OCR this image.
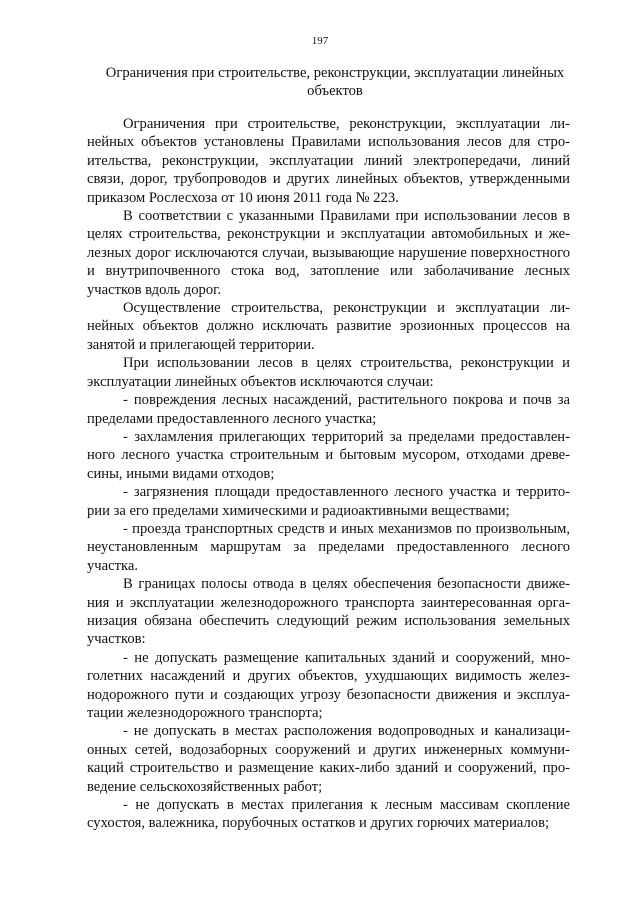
197
Ограничения при строительстве, реконструкции, эксплуатации линейных объектов

Ограничения при строительстве, реконструкции, эксплуатации линейных объектов установлены Правилами использования лесов для строительства, реконструкции, эксплуатации линий электропередачи, линий связи, дорог, трубопроводов и других линейных объектов, утвержденными приказом Рослесхоза от 10 июня 2011 года № 223.

В соответствии с указанными Правилами при использовании лесов в целях строительства, реконструкции и эксплуатации автомобильных и железных дорог исключаются случаи, вызывающие нарушение поверхностного и внутрипочвенного стока вод, затопление или заболачивание лесных участков вдоль дорог.

Осуществление строительства, реконструкции и эксплуатации линейных объектов должно исключать развитие эрозионных процессов на занятой и прилегающей территории.

При использовании лесов в целях строительства, реконструкции и эксплуатации линейных объектов исключаются случаи:

- повреждения лесных насаждений, растительного покрова и почв за пределами предоставленного лесного участка;

- захламления прилегающих территорий за пределами предоставленного лесного участка строительным и бытовым мусором, отходами древесины, иными видами отходов;

- загрязнения площади предоставленного лесного участка и территории за его пределами химическими и радиоактивными веществами;

- проезда транспортных средств и иных механизмов по произвольным, неустановленным маршрутам за пределами предоставленного лесного участка.

В границах полосы отвода в целях обеспечения безопасности движения и эксплуатации железнодорожного транспорта заинтересованная организация обязана обеспечить следующий режим использования земельных участков:

- не допускать размещение капитальных зданий и сооружений, многолетних насаждений и других объектов, ухудшающих видимость железнодорожного пути и создающих угрозу безопасности движения и эксплуатации железнодорожного транспорта;

- не допускать в местах расположения водопроводных и канализационных сетей, водозаборных сооружений и других инженерных коммуникаций строительство и размещение каких-либо зданий и сооружений, проведение сельскохозяйственных работ;

- не допускать в местах прилегания к лесным массивам скопление сухостоя, валежника, порубочных остатков и других горючих материалов;
